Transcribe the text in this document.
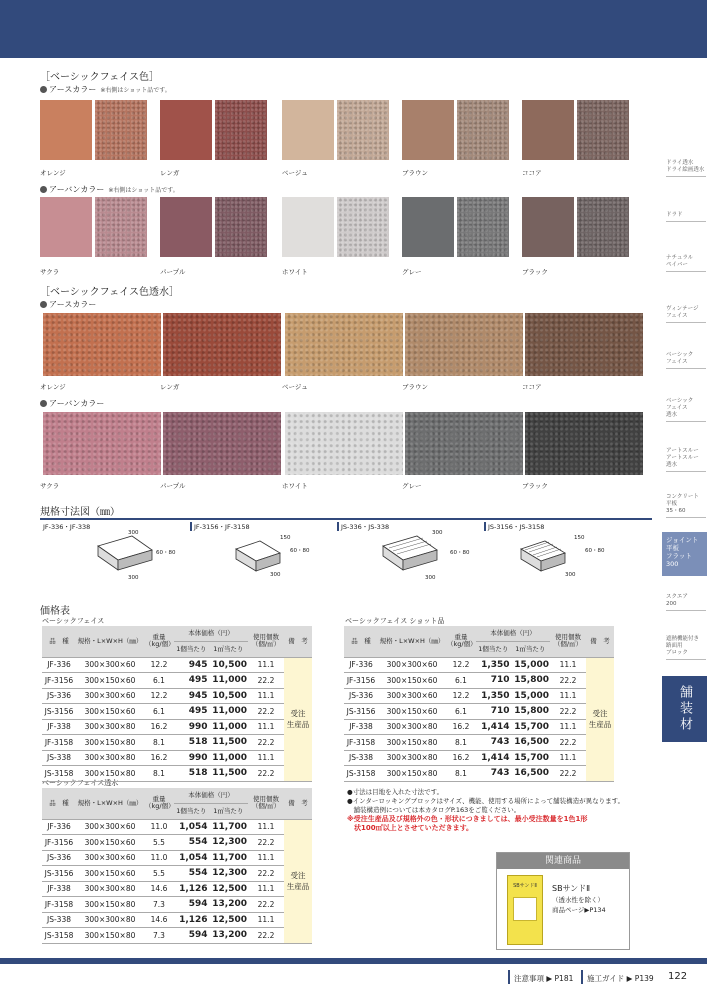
ドライ透水
ドライ絵画透水
ドラド
ナチュラル
ペイバー
ヴィンテージ
フェイス
ベーシック
フェイス
ベーシック
フェイス
透水
アートスルー
アートスルー
透水
コンクリート
平板
35・60
ジョイント
平板
フラット
300
スクエア
200
遮熱機能付き
路面用
ブロック
舗装材
［ベーシックフェイス色］
アースカラー ※右側はショット品です。
アーバンカラー ※右側はショット品です。
［ベーシックフェイス色透水］
アースカラー
アーバンカラー
オレンジ
サクラ
オレンジ
サクラ
レンガ
パープル
レンガ
パープル
ベージュ
ホワイト
ベージュ
ホワイト
ブラウン
グレー
ブラウン
グレー
ココア
ブラック
ココア
ブラック
規格寸法図（㎜）
JF-336・JF-338	JF-3156・JF-3158	JS-336・JS-338	JS-3156・JS-3158
300
60・80
300
150
60・80
300
300
60・80
300
150
60・80
300
価格表
ベーシックフェイス	ベーシックフェイス ショット品
ベーシックフェイス透水
品　種	規格・L×W×H（㎜）	重量
（kg/個）	本体価格（円）		使用個数
（個/㎡）	備　考
			1個当たり	1㎡当たり		
JF-336	300×300×60	12.2	945	10,500	11.1	受注
生産品
JF-3156	300×150×60	6.1	495	11,000	22.2	
JS-336	300×300×60	12.2	945	10,500	11.1	
JS-3156	300×150×60	6.1	495	11,000	22.2	
JF-338	300×300×80	16.2	990	11,000	11.1	
JF-3158	300×150×80	8.1	518	11,500	22.2	
JS-338	300×300×80	16.2	990	11,000	11.1	
JS-3158	300×150×80	8.1	518	11,500	22.2	
品　種	規格・L×W×H（㎜）	重量
（kg/個）	本体価格（円）		使用個数
（個/㎡）	備　考
			1個当たり	1㎡当たり		
JF-336	300×300×60	12.2	1,350	15,000	11.1	受注
生産品
JF-3156	300×150×60	6.1	710	15,800	22.2	
JS-336	300×300×60	12.2	1,350	15,000	11.1	
JS-3156	300×150×60	6.1	710	15,800	22.2	
JF-338	300×300×80	16.2	1,414	15,700	11.1	
JF-3158	300×150×80	8.1	743	16,500	22.2	
JS-338	300×300×80	16.2	1,414	15,700	11.1	
JS-3158	300×150×80	8.1	743	16,500	22.2	
品　種	規格・L×W×H（㎜）	重量
（kg/個）	本体価格（円）		使用個数
（個/㎡）	備　考
			1個当たり	1㎡当たり		
JF-336	300×300×60	11.0	1,054	11,700	11.1	受注
生産品
JF-3156	300×150×60	5.5	554	12,300	22.2	
JS-336	300×300×60	11.0	1,054	11,700	11.1	
JS-3156	300×150×60	5.5	554	12,300	22.2	
JF-338	300×300×80	14.6	1,126	12,500	11.1	
JF-3158	300×150×80	7.3	594	13,200	22.2	
JS-338	300×300×80	14.6	1,126	12,500	11.1	
JS-3158	300×150×80	7.3	594	13,200	22.2	
●寸法は目地を入れた寸法です。
●インターロッキングブロックはサイズ、機能、使用する場所によって舗装構造が異なります。
　舗装構造例については本カタログP.163をご覧ください。
※受注生産品及び規格外の色・形状につきましては、最小受注数量を1色1形
　状100㎡以上とさせていただきます。
関連商品
SBサンドⅡ	SBサンドⅡ
（透水性を除く）
商品ページ▶P134
注意事項 ▶ P181 施工ガイド ▶ P139 122
